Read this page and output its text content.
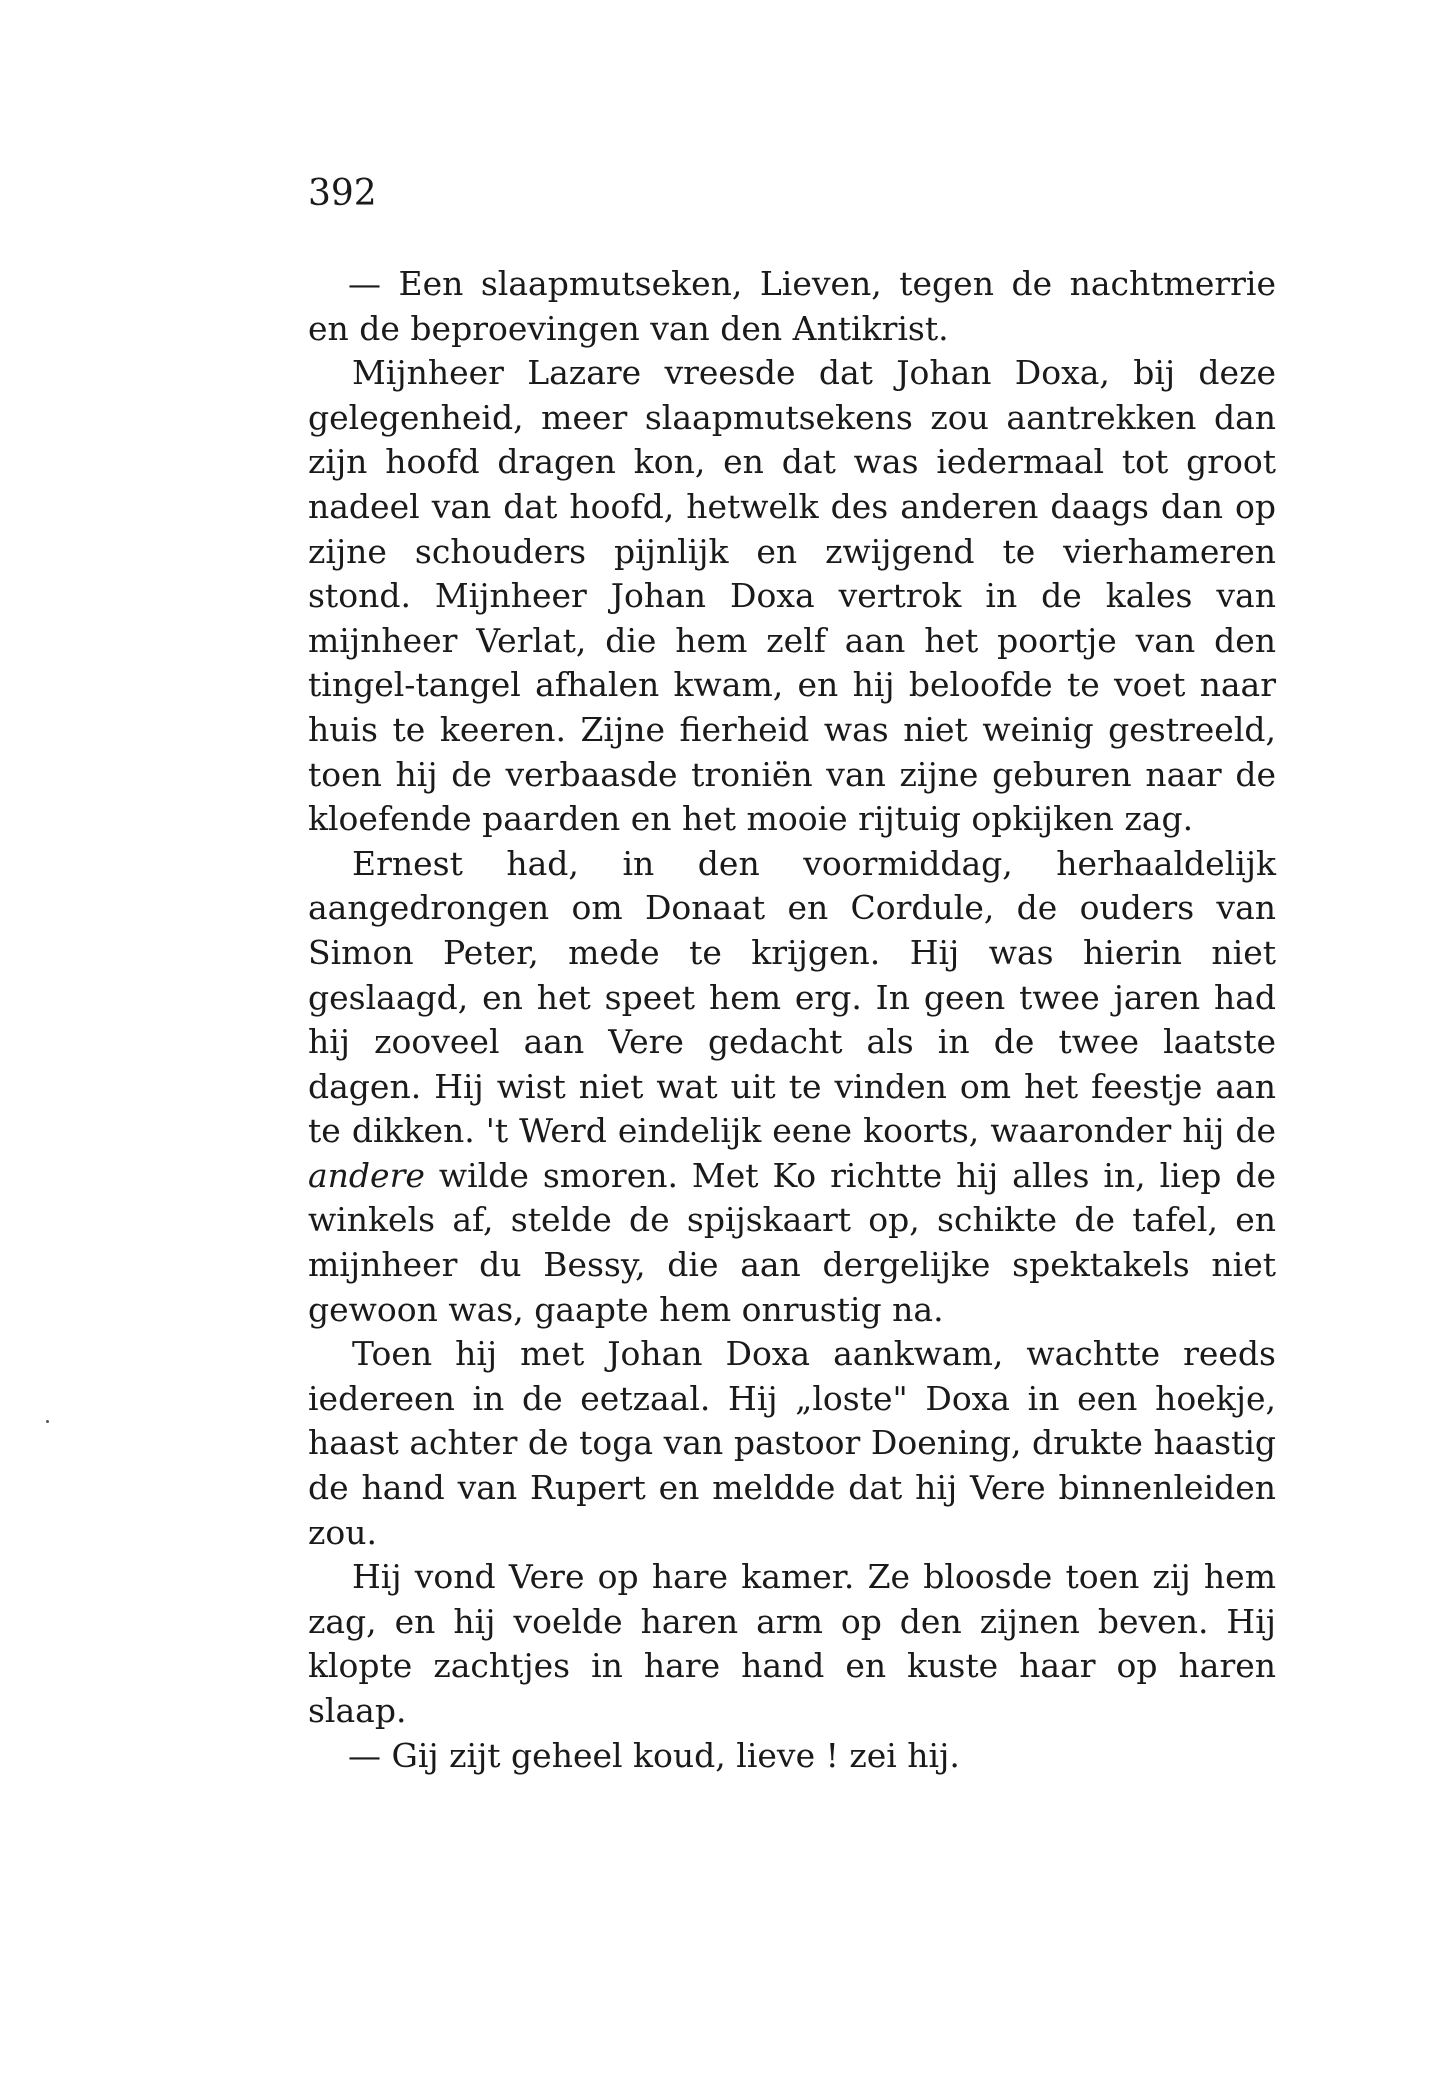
392

— Een slaapmutseken, Lieven, tegen de nachtmerrie en de beproevingen van den Antikrist.

Mijnheer Lazare vreesde dat Johan Doxa, bij deze gelegenheid, meer slaapmutsekens zou aantrekken dan zijn hoofd dragen kon, en dat was iedermaal tot groot nadeel van dat hoofd, hetwelk des anderen daags dan op zijne schouders pijnlijk en zwijgend te vierhameren stond. Mijnheer Johan Doxa vertrok in de kales van mijnheer Verlat, die hem zelf aan het poortje van den tingel-tangel afhalen kwam, en hij beloofde te voet naar huis te keeren. Zijne fierheid was niet weinig gestreeld, toen hij de verbaasde troniën van zijne geburen naar de kloefende paarden en het mooie rijtuig opkijken zag.

Ernest had, in den voormiddag, herhaaldelijk aangedrongen om Donaat en Cordule, de ouders van Simon Peter, mede te krijgen. Hij was hierin niet geslaagd, en het speet hem erg. In geen twee jaren had hij zooveel aan Vere gedacht als in de twee laatste dagen. Hij wist niet wat uit te vinden om het feestje aan te dikken. 't Werd eindelijk eene koorts, waaronder hij de andere wilde smoren. Met Ko richtte hij alles in, liep de winkels af, stelde de spijskaart op, schikte de tafel, en mijnheer du Bessy, die aan dergelijke spektakels niet gewoon was, gaapte hem onrustig na.

Toen hij met Johan Doxa aankwam, wachtte reeds iedereen in de eetzaal. Hij „loste" Doxa in een hoekje, haast achter de toga van pastoor Doening, drukte haastig de hand van Rupert en meldde dat hij Vere binnenleiden zou.

Hij vond Vere op hare kamer. Ze bloosde toen zij hem zag, en hij voelde haren arm op den zijnen beven. Hij klopte zachtjes in hare hand en kuste haar op haren slaap.

— Gij zijt geheel koud, lieve ! zei hij.
